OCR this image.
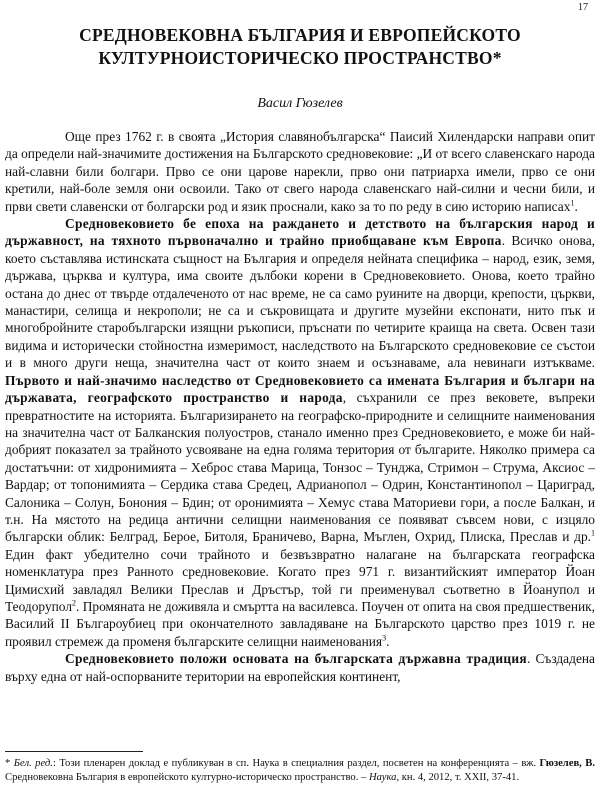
17
СРЕДНОВЕКОВНА БЪЛГАРИЯ И ЕВРОПЕЙСКОТО
КУЛТУРНОИСТОРИЧЕСКО ПРОСТРАНСТВО*
Васил Гюзелев

Още през 1762 г. в своята „История славянобългарска“ Паисий Хилендарски направи опит да определи най-значимите достижения на Българското средновековие: „И от всего славенскаго народа най-славни били болгари. Прво се они царове нарекли, прво они патриарха имели, прво се они кретили, най-боле земля они освоили. Тако от свего народа славенскаго най-силни и чесни били, и први свети славенски от болгарски род и язик проснали, како за то по реду в сию историю написах$^1$.

Средновековието бе епоха на раждането и детството на българския народ и държавност, на тяхното първоначално и трайно приобщаване към Европа. Всичко онова, което съставлява истинската същност на България и определя нейната специфика – народ, език, земя, държава, църква и култура, има своите дълбоки корени в Средновековието. Онова, което трайно остана до днес от твърде отдалеченото от нас време, не са само руините на дворци, крепости, църкви, манастири, селища и некрополи; не са и съкровищата и другите музейни експонати, нито пък и многобройните старобългарски изящни ръкописи, пръснати по четирите краища на света. Освен тази видима и исторически стойностна измеримост, наследството на Българското средновековие се състои и в много други неща, значителна част от които знаем и осъзнаваме, ала невинаги изтъкваме. Първото и най-значимо наследство от Средновековието са имената България и българи на държавата, географското пространство и народа, съхранили се през вековете, въпреки превратностите на историята. Българизирането на географско-природните и селищните наименования на значителна част от Балканския полуостров, станало именно през Средновековието, е може би най-добрият показател за трайното усвояване на една голяма територия от българите. Няколко примера са достатъчни: от хидронимията – Хеброс става Марица, Тонзос – Тунджа, Стримон – Струма, Аксиос – Вардар; от топонимията – Сердика става Средец, Адрианопол – Одрин, Константинопол – Цариград, Салоника – Солун, Бонония – Бдин; от оронимията – Хемус става Маториеви гори, а после Балкан, и т.н. На мястото на редица антични селищни наименования се появяват съвсем нови, с изцяло български облик: Белград, Берое, Битоля, Браничево, Варна, Мъглен, Охрид, Плиска, Преслав и др.$^1$ Един факт убедително сочи трайното и безвъзвратно налагане на българската географска номенклатура през Ранното средновековие. Когато през 971 г. византийският император Йоан Цимисхий завладял Велики Преслав и Дръстър, той ги преименувал съответно в Йоанупол и Теодорупол$^2$. Промяната не доживяла и смъртта на василевса. Поучен от опита на своя предшественик, Василий II Българоубиец при окончателното завладяване на Българското царство през 1019 г. не проявил стремеж да променя българските селищни наименования$^3$.

Средновековието положи основата на българската държавна традиция. Създадена върху една от най-оспорваните територии на европейския континент,

* Бел. ред.: Този пленарен доклад е публикуван в сп. Наука в специалния раздел, посветен на конференцията – вж. Гюзелев, В. Средновековна България в европейското културно-историческо пространство. – Наука, кн. 4, 2012, т. XXII, 37-41.
